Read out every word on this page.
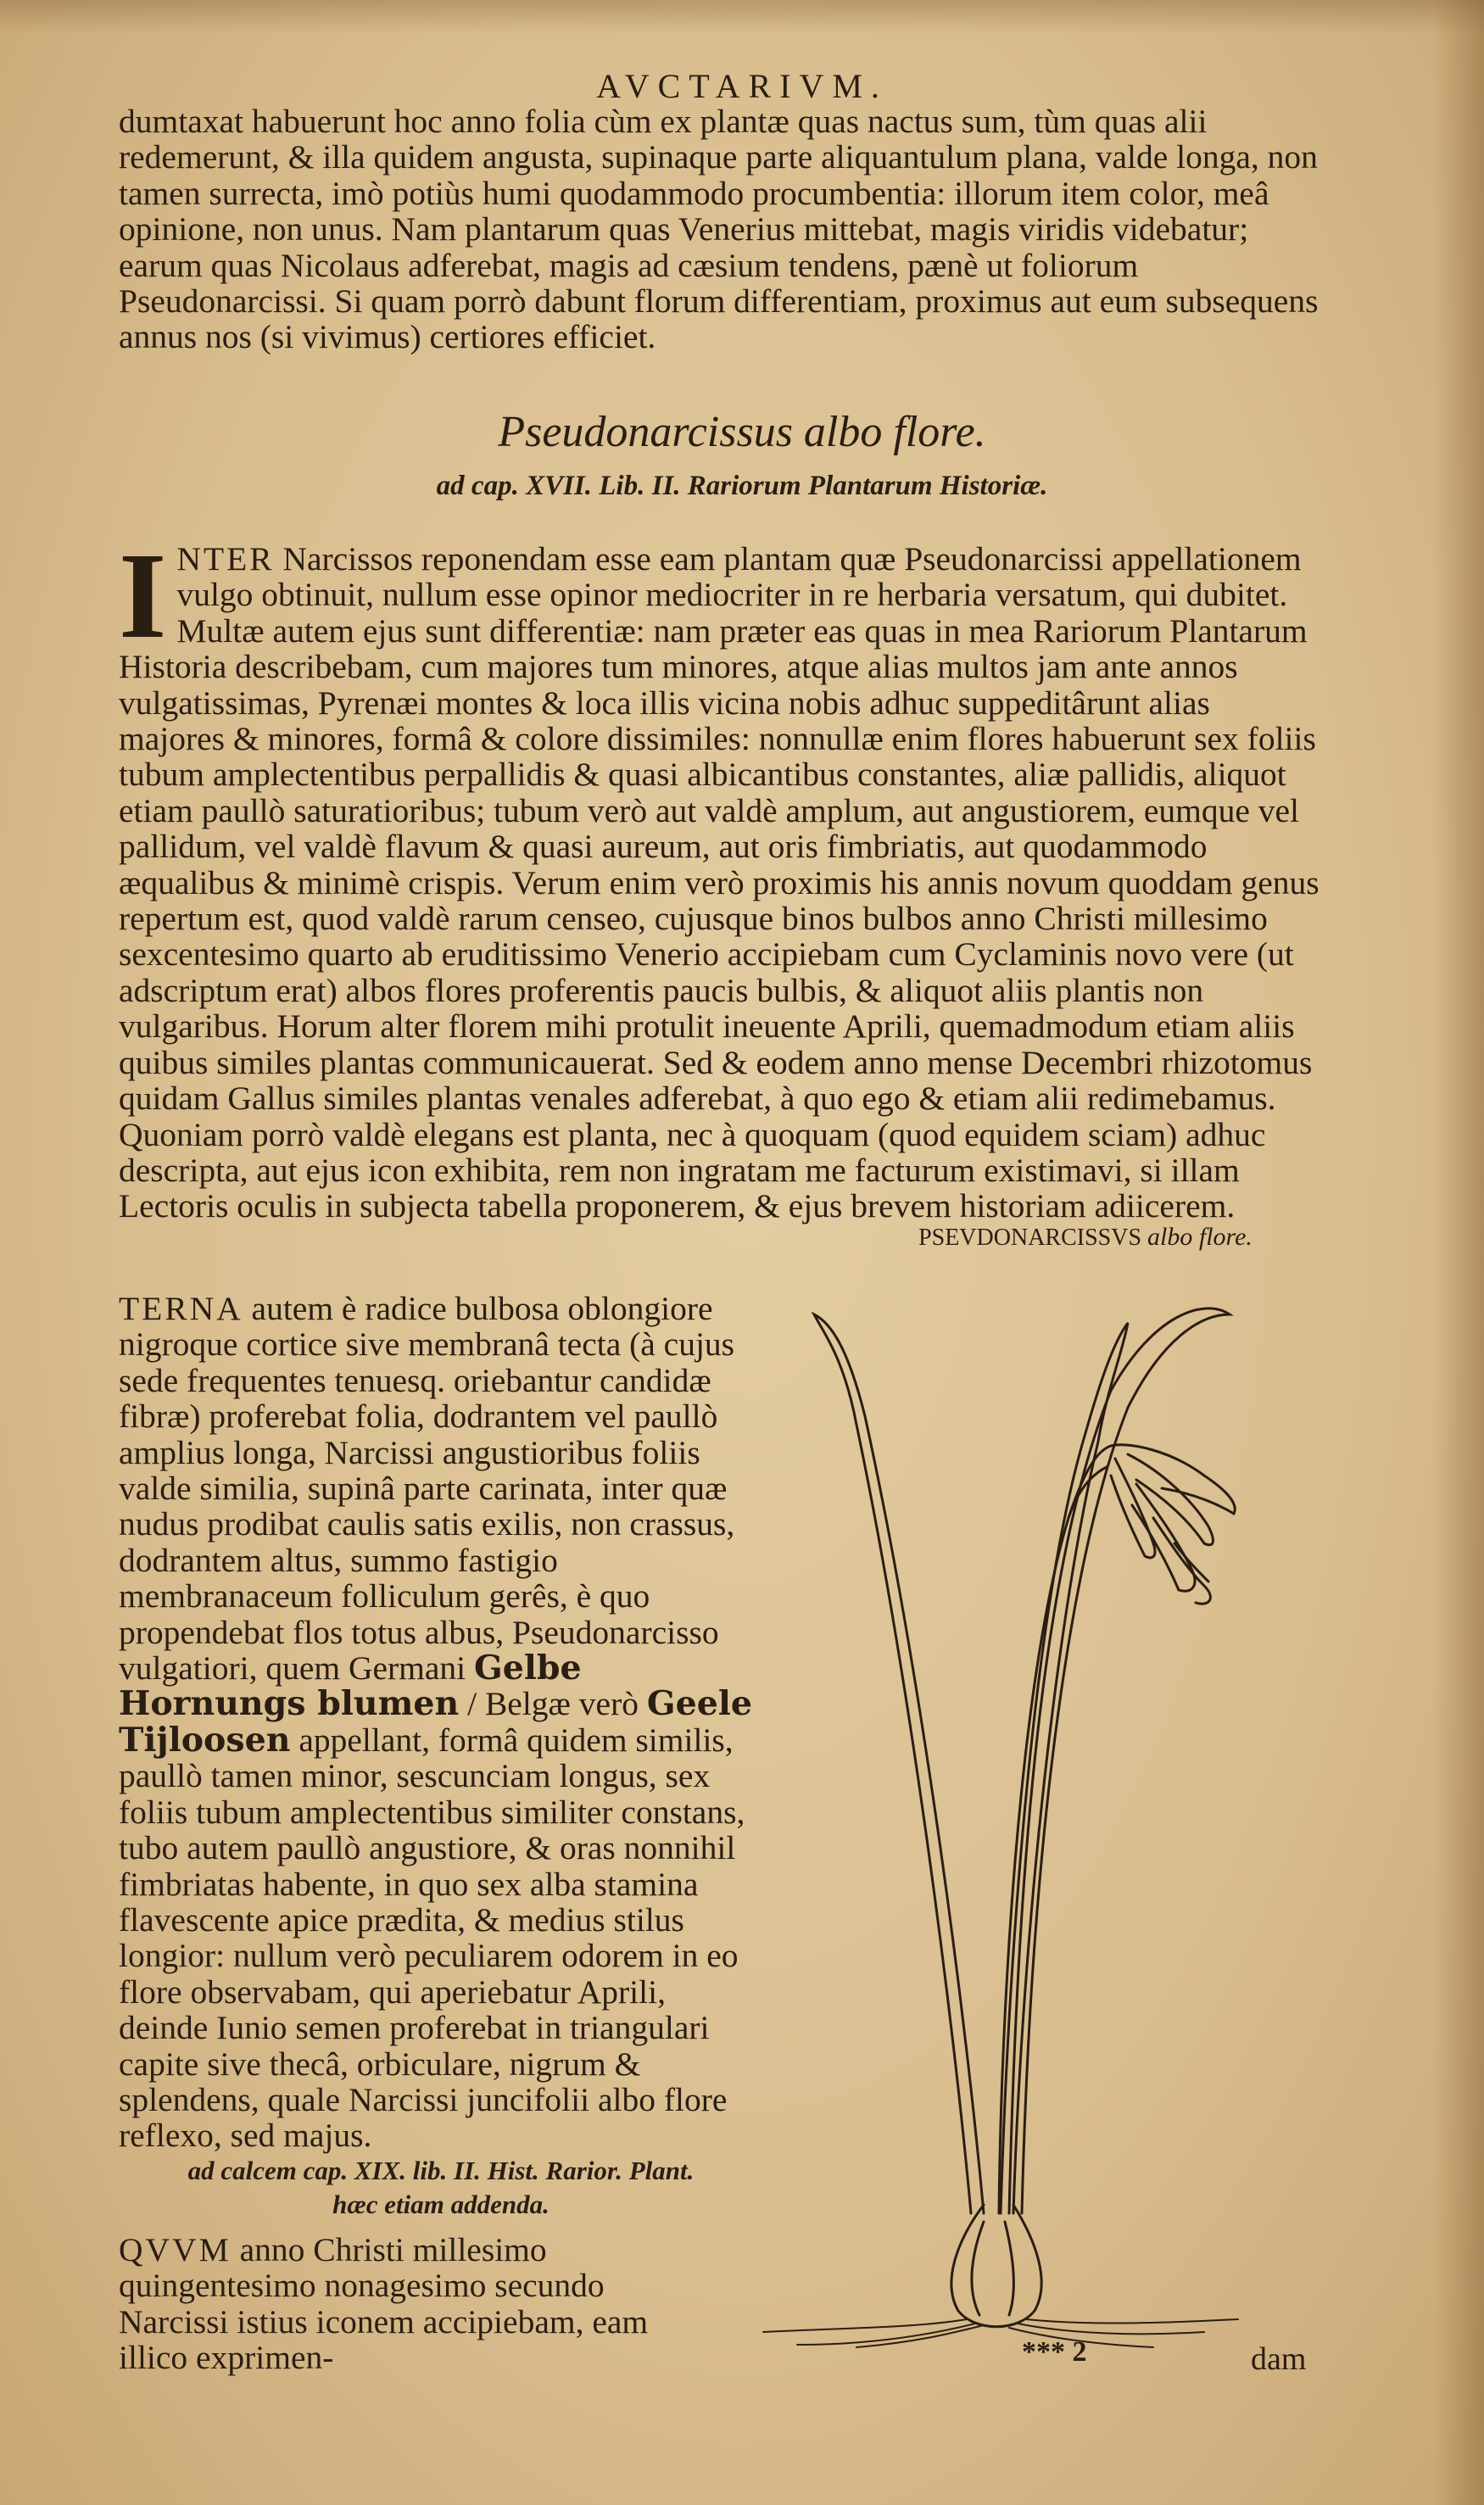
AVCTARIVM.

dumtaxat habuerunt hoc anno folia cùm ex plantæ quas nactus sum, tùm quas alii redemerunt, & illa quidem angusta, supinaque parte aliquantulum plana, valde longa, non tamen surrecta, imò potiùs humi quodammodo procumbentia: illorum item color, meâ opinione, non unus. Nam plantarum quas Venerius mittebat, magis viridis videbatur; earum quas Nicolaus adferebat, magis ad cæsium tendens, pænè ut foliorum Pseudonarcissi. Si quam porrò dabunt florum differentiam, proximus aut eum subsequens annus nos (si vivimus) certiores efficiet.

Pseudonarcissus albo flore.

ad cap. XVII. Lib. II. Rariorum Plantarum Historiæ.

INTER Narcissos reponendam esse eam plantam quæ Pseudonarcissi appellationem vulgo obtinuit, nullum esse opinor mediocriter in re herbaria versatum, qui dubitet. Multæ autem ejus sunt differentiæ: nam præter eas quas in mea Rariorum Plantarum Historia describebam, cum majores tum minores, atque alias multos jam ante annos vulgatissimas, Pyrenæi montes & loca illis vicina nobis adhuc suppeditârunt alias majores & minores, formâ & colore dissimiles: nonnullæ enim flores habuerunt sex foliis tubum amplectentibus perpallidis & quasi albicantibus constantes, aliæ pallidis, aliquot etiam paullò saturatioribus; tubum verò aut valdè amplum, aut angustiorem, eumque vel pallidum, vel valdè flavum & quasi aureum, aut oris fimbriatis, aut quodammodo æqualibus & minimè crispis. Verum enim verò proximis his annis novum quoddam genus repertum est, quod valdè rarum censeo, cujusque binos bulbos anno Christi millesimo sexcentesimo quarto ab eruditissimo Venerio accipiebam cum Cyclaminis novo vere (ut adscriptum erat) albos flores proferentis paucis bulbis, & aliquot aliis plantis non vulgaribus. Horum alter florem mihi protulit ineuente Aprili, quemadmodum etiam aliis quibus similes plantas communicauerat. Sed & eodem anno mense Decembri rhizotomus quidam Gallus similes plantas venales adferebat, à quo ego & etiam alii redimebamus. Quoniam porrò valdè elegans est planta, nec à quoquam (quod equidem sciam) adhuc descripta, aut ejus icon exhibita, rem non ingratam me facturum existimavi, si illam Lectoris oculis in subjecta tabella proponerem, & ejus brevem historiam adiicerem.

PSEVDONARCISSVS albo flore.

TERNA autem è radice bulbosa oblongiore nigroque cortice sive membranâ tecta (à cujus sede frequentes tenuesq. oriebantur candidæ fibræ) proferebat folia, dodrantem vel paullò amplius longa, Narcissi angustioribus foliis valde similia, supinâ parte carinata, inter quæ nudus prodibat caulis satis exilis, non crassus, dodrantem altus, summo fastigio membranaceum folliculum gerês, è quo propendebat flos totus albus, Pseudonarcisso vulgatiori, quem Germani Gelbe Hornungs blumen / Belgæ verò Geele Tijloosen appellant, formâ quidem similis, paullò tamen minor, sescunciam longus, sex foliis tubum amplectentibus similiter constans, tubo autem paullò angustiore, & oras nonnihil fimbriatas habente, in quo sex alba stamina flavescente apice prædita, & medius stilus longior: nullum verò peculiarem odorem in eo flore observabam, qui aperiebatur Aprili, deinde Iunio semen proferebat in triangulari capite sive thecâ, orbiculare, nigrum & splendens, quale Narcissi juncifolii albo flore reflexo, sed majus.

ad calcem cap. XIX. lib. II. Hist. Rarior. Plant.
hæc etiam addenda.

QVVM anno Christi millesimo quingentesimo nonagesimo secundo Narcissi istius iconem accipiebam, eam illico exprimen-	*** 2	dam
